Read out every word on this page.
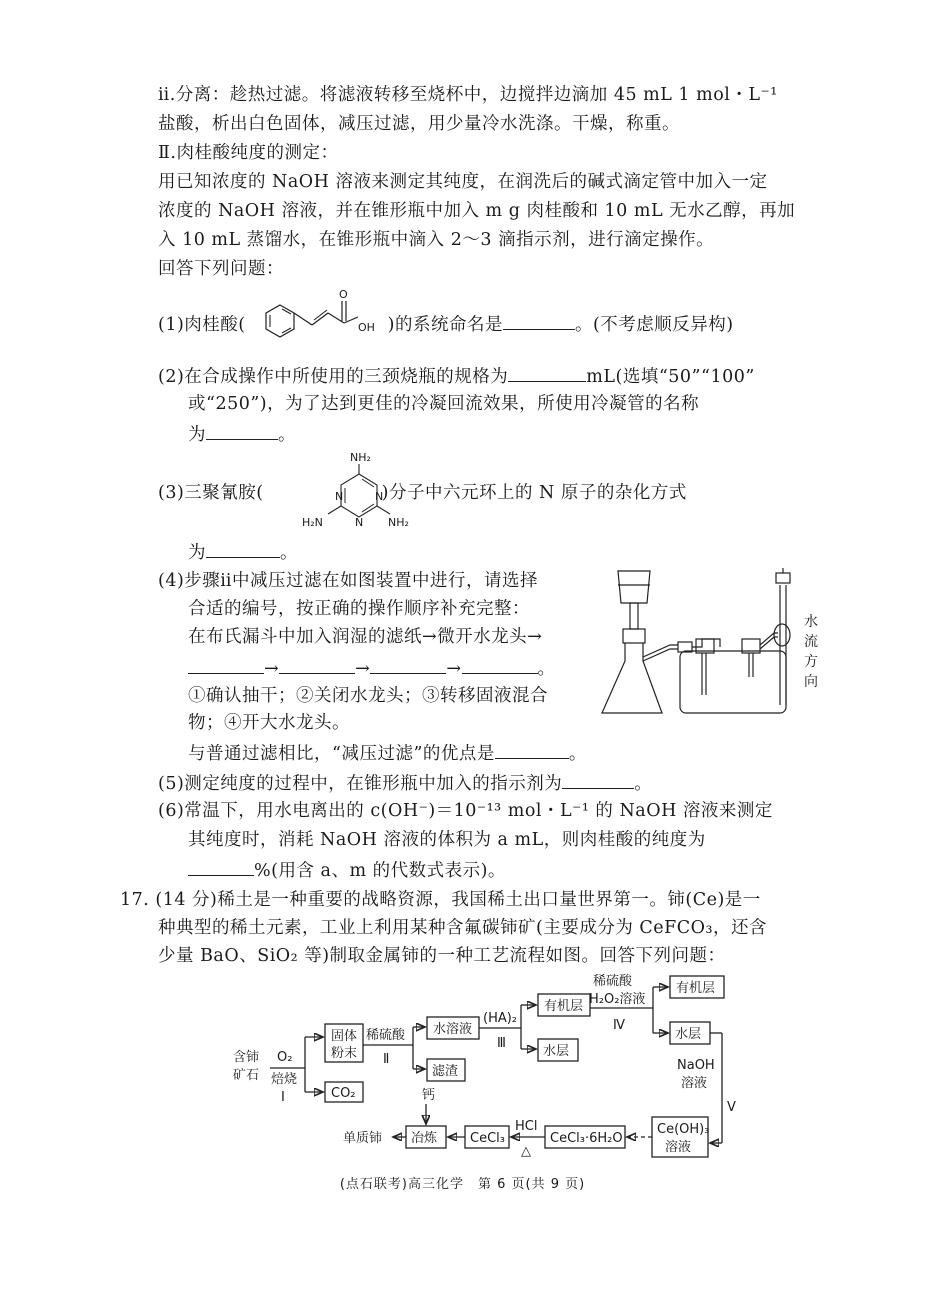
ⅱ.分离：趁热过滤。将滤液转移至烧杯中，边搅拌边滴加 45 mL 1 mol・L⁻¹
盐酸，析出白色固体，减压过滤，用少量冷水洗涤。干燥，称重。
Ⅱ.肉桂酸纯度的测定：
用已知浓度的 NaOH 溶液来测定其纯度，在润洗后的碱式滴定管中加入一定
浓度的 NaOH 溶液，并在锥形瓶中加入 m g 肉桂酸和 10 mL 无水乙醇，再加
入 10 mL 蒸馏水，在锥形瓶中滴入 2～3 滴指示剂，进行滴定操作。
回答下列问题：
(1)肉桂酸(	)的系统命名是	。(不考虑顺反异构)
O
OH
(2)在合成操作中所使用的三颈烧瓶的规格为	mL(选填“50”“100”
或“250”)，为了达到更佳的冷凝回流效果，所使用冷凝管的名称
为	。
(3)三聚氰胺(	)分子中六元环上的 N 原子的杂化方式
NH₂
N	N
N
H₂N	NH₂
为	。
(4)步骤ⅱ中减压过滤在如图装置中进行，请选择
合适的编号，按正确的操作顺序补充完整：
在布氏漏斗中加入润湿的滤纸→微开水龙头→
→	→	→	。
①确认抽干；②关闭水龙头；③转移固液混合
物；④开大水龙头。
与普通过滤相比，“减压过滤”的优点是	。
水
流
方
向
(5)测定纯度的过程中，在锥形瓶中加入的指示剂为	。
(6)常温下，用水电离出的 c(OH⁻)＝10⁻¹³ mol・L⁻¹ 的 NaOH 溶液来测定
其纯度时，消耗 NaOH 溶液的体积为 a mL，则肉桂酸的纯度为
%(用含 a、m 的代数式表示)。
17. (14 分)稀土是一种重要的战略资源，我国稀土出口量世界第一。铈(Ce)是一
种典型的稀土元素，工业上利用某种含氟碳铈矿(主要成分为 CeFCO₃，还含
少量 BaO、SiO₂ 等)制取金属铈的一种工艺流程如图。回答下列问题：
含铈
矿石
O₂
焙烧
Ⅰ
固体
粉末
CO₂
稀硫酸
Ⅱ
水溶液
滤渣
(HA)₂
Ⅲ
有机层
水层
稀硫酸
H₂O₂溶液
Ⅳ
有机层
水层
NaOH
溶液
Ⅴ
Ce(OH)₃
溶液
CeCl₃·6H₂O
HCl
△
CeCl₃
冶炼
钙
单质铈
(点石联考)高三化学　第 6 页(共 9 页)
